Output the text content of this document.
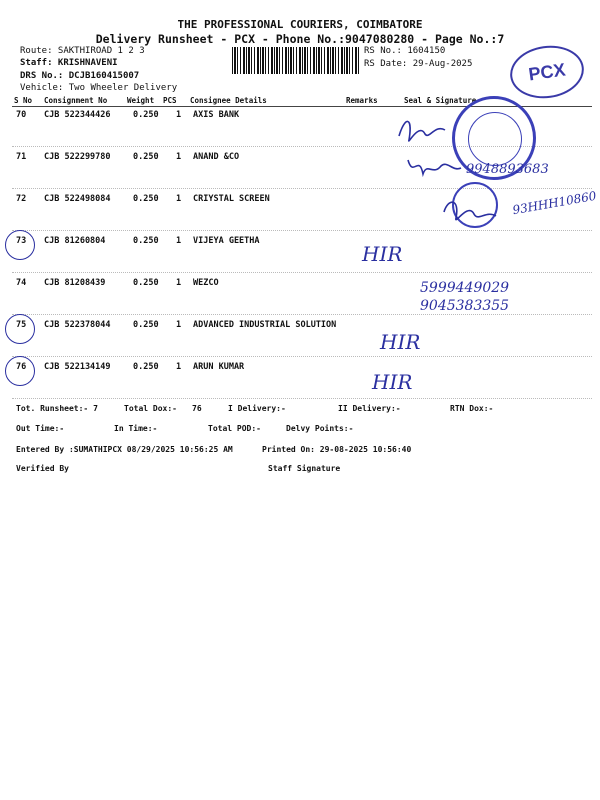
THE PROFESSIONAL COURIERS, COIMBATORE
Delivery Runsheet - PCX - Phone No.:9047080280 - Page No.:7
Route: SAKTHIROAD 1 2 3
Staff: KRISHNAVENI
DRS No.: DCJB160415007
Vehicle: Two Wheeler Delivery
RS No.: 1604150
RS Date: 29-Aug-2025	PCX
S No Consignment No	Weight PCS Consignee Details	Remarks	Seal & Signature
70 CJB 522344426	0.250 1 AXIS BANK
71 CJB 522299780	0.250 1 ANAND &CO
72 CJB 522498084	0.250 1 CRIYSTAL SCREEN
73 CJB 81260804	0.250 1 VIJEYA GEETHA
74 CJB 81208439	0.250 1 WEZCO
75 CJB 522378044	0.250 1 ADVANCED INDUSTRIAL SOLUTION
76 CJB 522134149	0.250 1 ARUN KUMAR
9948893683
93HHH10860
5999449029
9045383355
HIR
HIR
HIR
Tot. Runsheet:- 7	Total Dox:- 76	I Delivery:-	II Delivery:-	RTN Dox:-
Out Time:-	In Time:-	Total POD:-	Delvy Points:-
Entered By :SUMATHIPCX 08/29/2025 10:56:25 AM	Printed On: 29-08-2025 10:56:40
Verified By	Staff Signature
